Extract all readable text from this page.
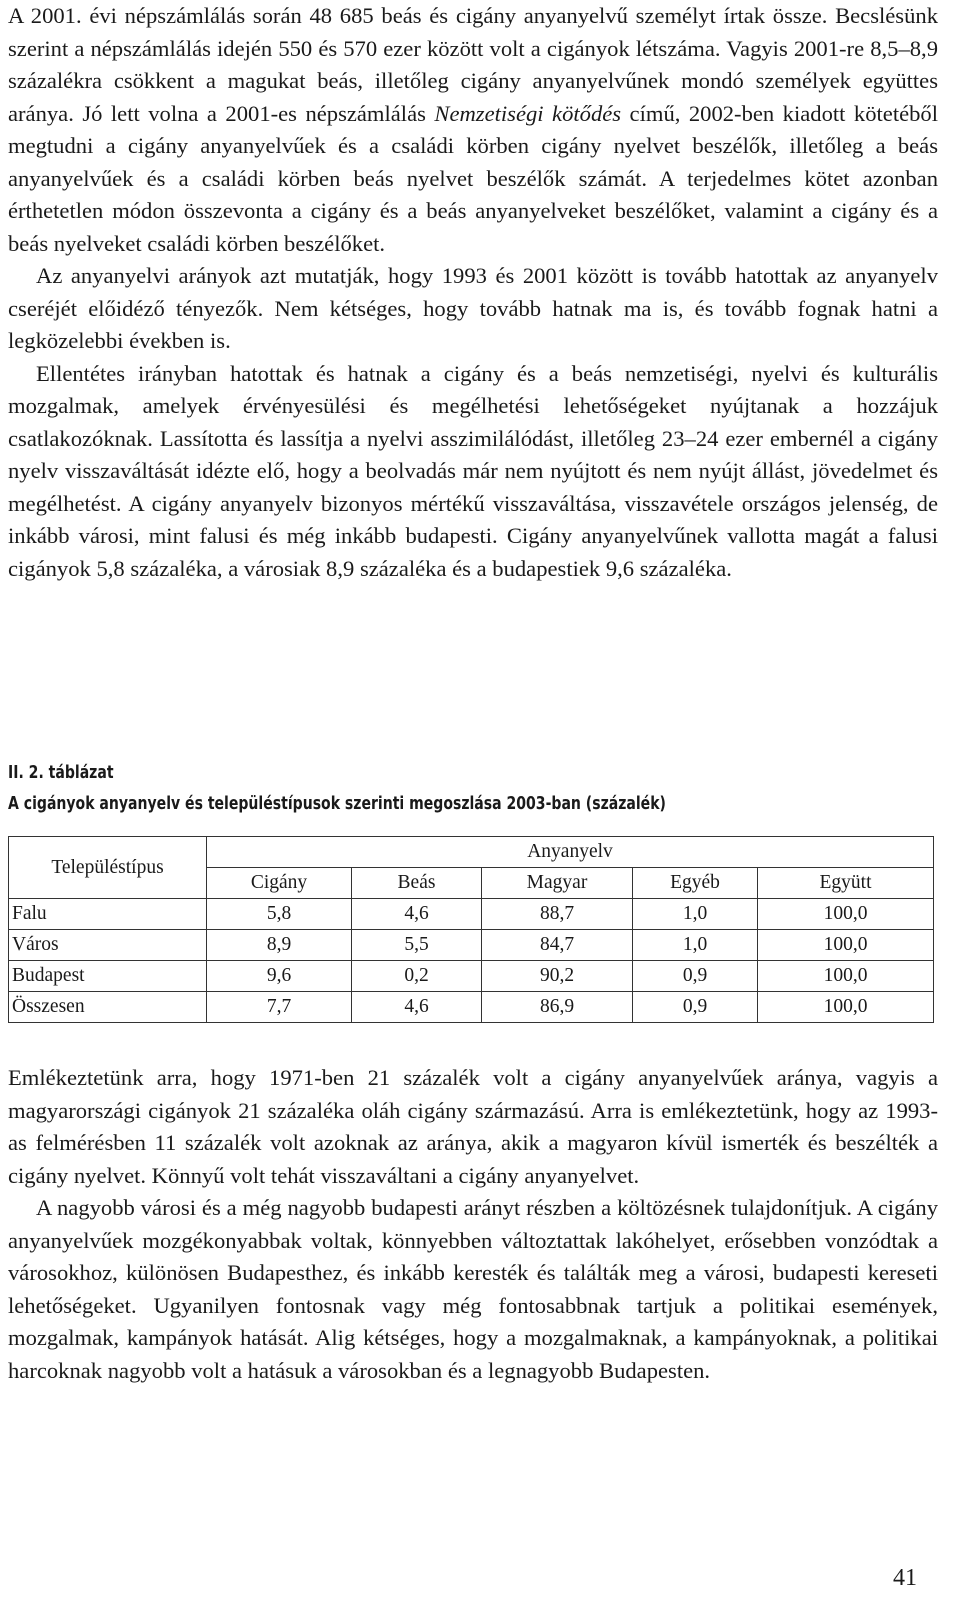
A 2001. évi népszámlálás során 48 685 beás és cigány anyanyelvű személyt írtak össze. Becslésünk szerint a népszámlálás idején 550 és 570 ezer között volt a cigányok létszáma. Vagyis 2001-re 8,5–8,9 százalékra csökkent a magukat beás, illetőleg cigány anyanyelvűnek mondó személyek együttes aránya. Jó lett volna a 2001-es népszámlálás Nemzetiségi kötődés című, 2002-ben kiadott kötetéből megtudni a cigány anyanyelvűek és a családi körben cigány nyelvet beszélők, illetőleg a beás anyanyelvűek és a családi körben beás nyelvet beszélők számát. A terjedelmes kötet azonban érthetetlen módon összevonta a cigány és a beás anyanyelveket beszélőket, valamint a cigány és a beás nyelveket családi körben beszélőket.

Az anyanyelvi arányok azt mutatják, hogy 1993 és 2001 között is tovább hatottak az anyanyelv cseréjét előidéző tényezők. Nem kétséges, hogy tovább hatnak ma is, és tovább fognak hatni a legközelebbi években is.

Ellentétes irányban hatottak és hatnak a cigány és a beás nemzetiségi, nyelvi és kulturális mozgalmak, amelyek érvényesülési és megélhetési lehetőségeket nyújtanak a hozzájuk csatlakozóknak. Lassította és lassítja a nyelvi asszimilálódást, illetőleg 23–24 ezer embernél a cigány nyelv visszaváltását idézte elő, hogy a beolvadás már nem nyújtott és nem nyújt állást, jövedelmet és megélhetést. A cigány anyanyelv bizonyos mértékű visszaváltása, visszavétele országos jelenség, de inkább városi, mint falusi és még inkább budapesti. Cigány anyanyelvűnek vallotta magát a falusi cigányok 5,8 százaléka, a városiak 8,9 százaléka és a budapestiek 9,6 százaléka.

II. 2. táblázat
A cigányok anyanyelv és településtípusok szerinti megoszlása 2003-ban (százalék)
Településtípus	Anyanyelv				
	Cigány	Beás	Magyar	Egyéb	Együtt
Falu	5,8	4,6	88,7	1,0	100,0
Város	8,9	5,5	84,7	1,0	100,0
Budapest	9,6	0,2	90,2	0,9	100,0
Összesen	7,7	4,6	86,9	0,9	100,0

Emlékeztetünk arra, hogy 1971-ben 21 százalék volt a cigány anyanyelvűek aránya, vagyis a magyarországi cigányok 21 százaléka oláh cigány származású. Arra is emlékeztetünk, hogy az 1993-as felmérésben 11 százalék volt azoknak az aránya, akik a magyaron kívül ismerték és beszélték a cigány nyelvet. Könnyű volt tehát visszaváltani a cigány anyanyelvet.

A nagyobb városi és a még nagyobb budapesti arányt részben a költözésnek tulajdonítjuk. A cigány anyanyelvűek mozgékonyabbak voltak, könnyebben változtattak lakóhelyet, erősebben vonzódtak a városokhoz, különösen Budapesthez, és inkább keresték és találták meg a városi, budapesti kereseti lehetőségeket. Ugyanilyen fontosnak vagy még fontosabbnak tartjuk a politikai események, mozgalmak, kampányok hatását. Alig kétséges, hogy a mozgalmaknak, a kampányoknak, a politikai harcoknak nagyobb volt a hatásuk a városokban és a legnagyobb Budapesten.

41
